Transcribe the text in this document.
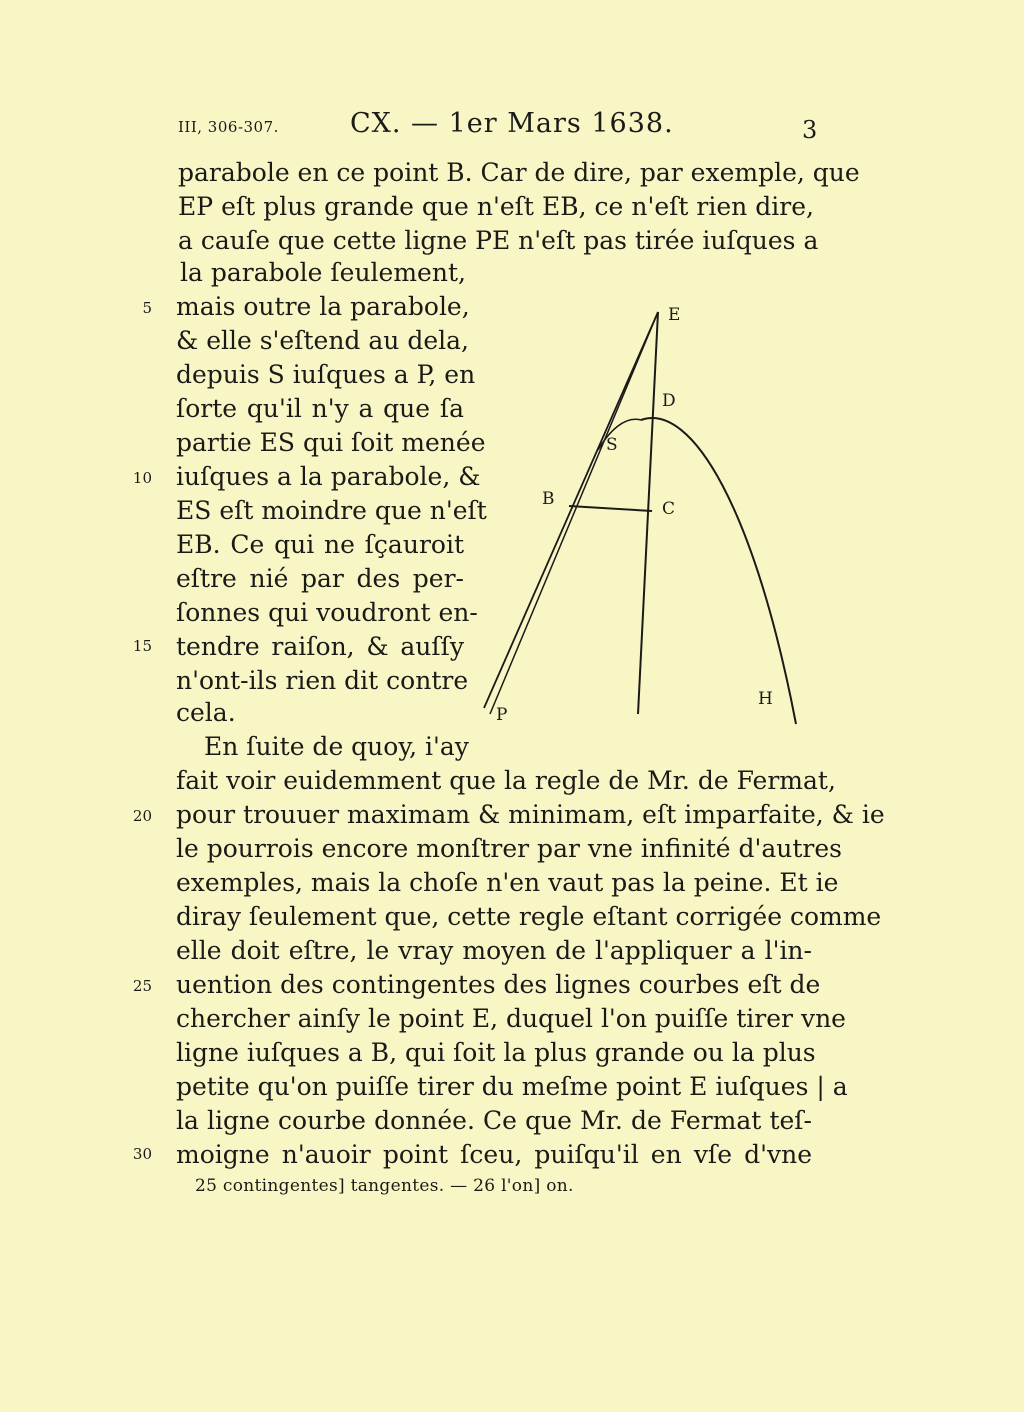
III, 306-307.	CX. — 1er Mars 1638.	3
parabole en ce point B. Car de dire, par exemple, que
EP eſt plus grande que n'eſt EB, ce n'eſt rien dire,
a cauſe que cette ligne PE n'eſt pas tirée iuſques a
la parabole ſeulement,
mais outre la parabole,
& elle s'eſtend au dela,
depuis S iuſques a P, en
ſorte qu'il n'y a que ſa
partie ES qui ſoit menée
iuſques a la parabole, &
ES eſt moindre que n'eſt
EB. Ce qui ne ſçauroit
eſtre nié par des per-
ſonnes qui voudront en-
tendre raiſon, & auſſy
n'ont-ils rien dit contre
cela.
En ſuite de quoy, i'ay
fait voir euidemment que la regle de Mr. de Fermat,
pour trouuer maximam & minimam, eſt imparfaite, & ie
le pourrois encore monſtrer par vne infinité d'autres
exemples, mais la choſe n'en vaut pas la peine. Et ie
diray ſeulement que, cette regle eſtant corrigée comme
elle doit eſtre, le vray moyen de l'appliquer a l'in-
uention des contingentes des lignes courbes eſt de
chercher ainſy le point E, duquel l'on puiſſe tirer vne
ligne iuſques a B, qui ſoit la plus grande ou la plus
petite qu'on puiſſe tirer du meſme point E iuſques | a
la ligne courbe donnée. Ce que Mr. de Fermat teſ-
moigne n'auoir point ſceu, puiſqu'il en vſe d'vne
5
10
15
20
25
30
E
D
S
B	C
P
H
25 contingentes] tangentes. — 26 l'on] on.
